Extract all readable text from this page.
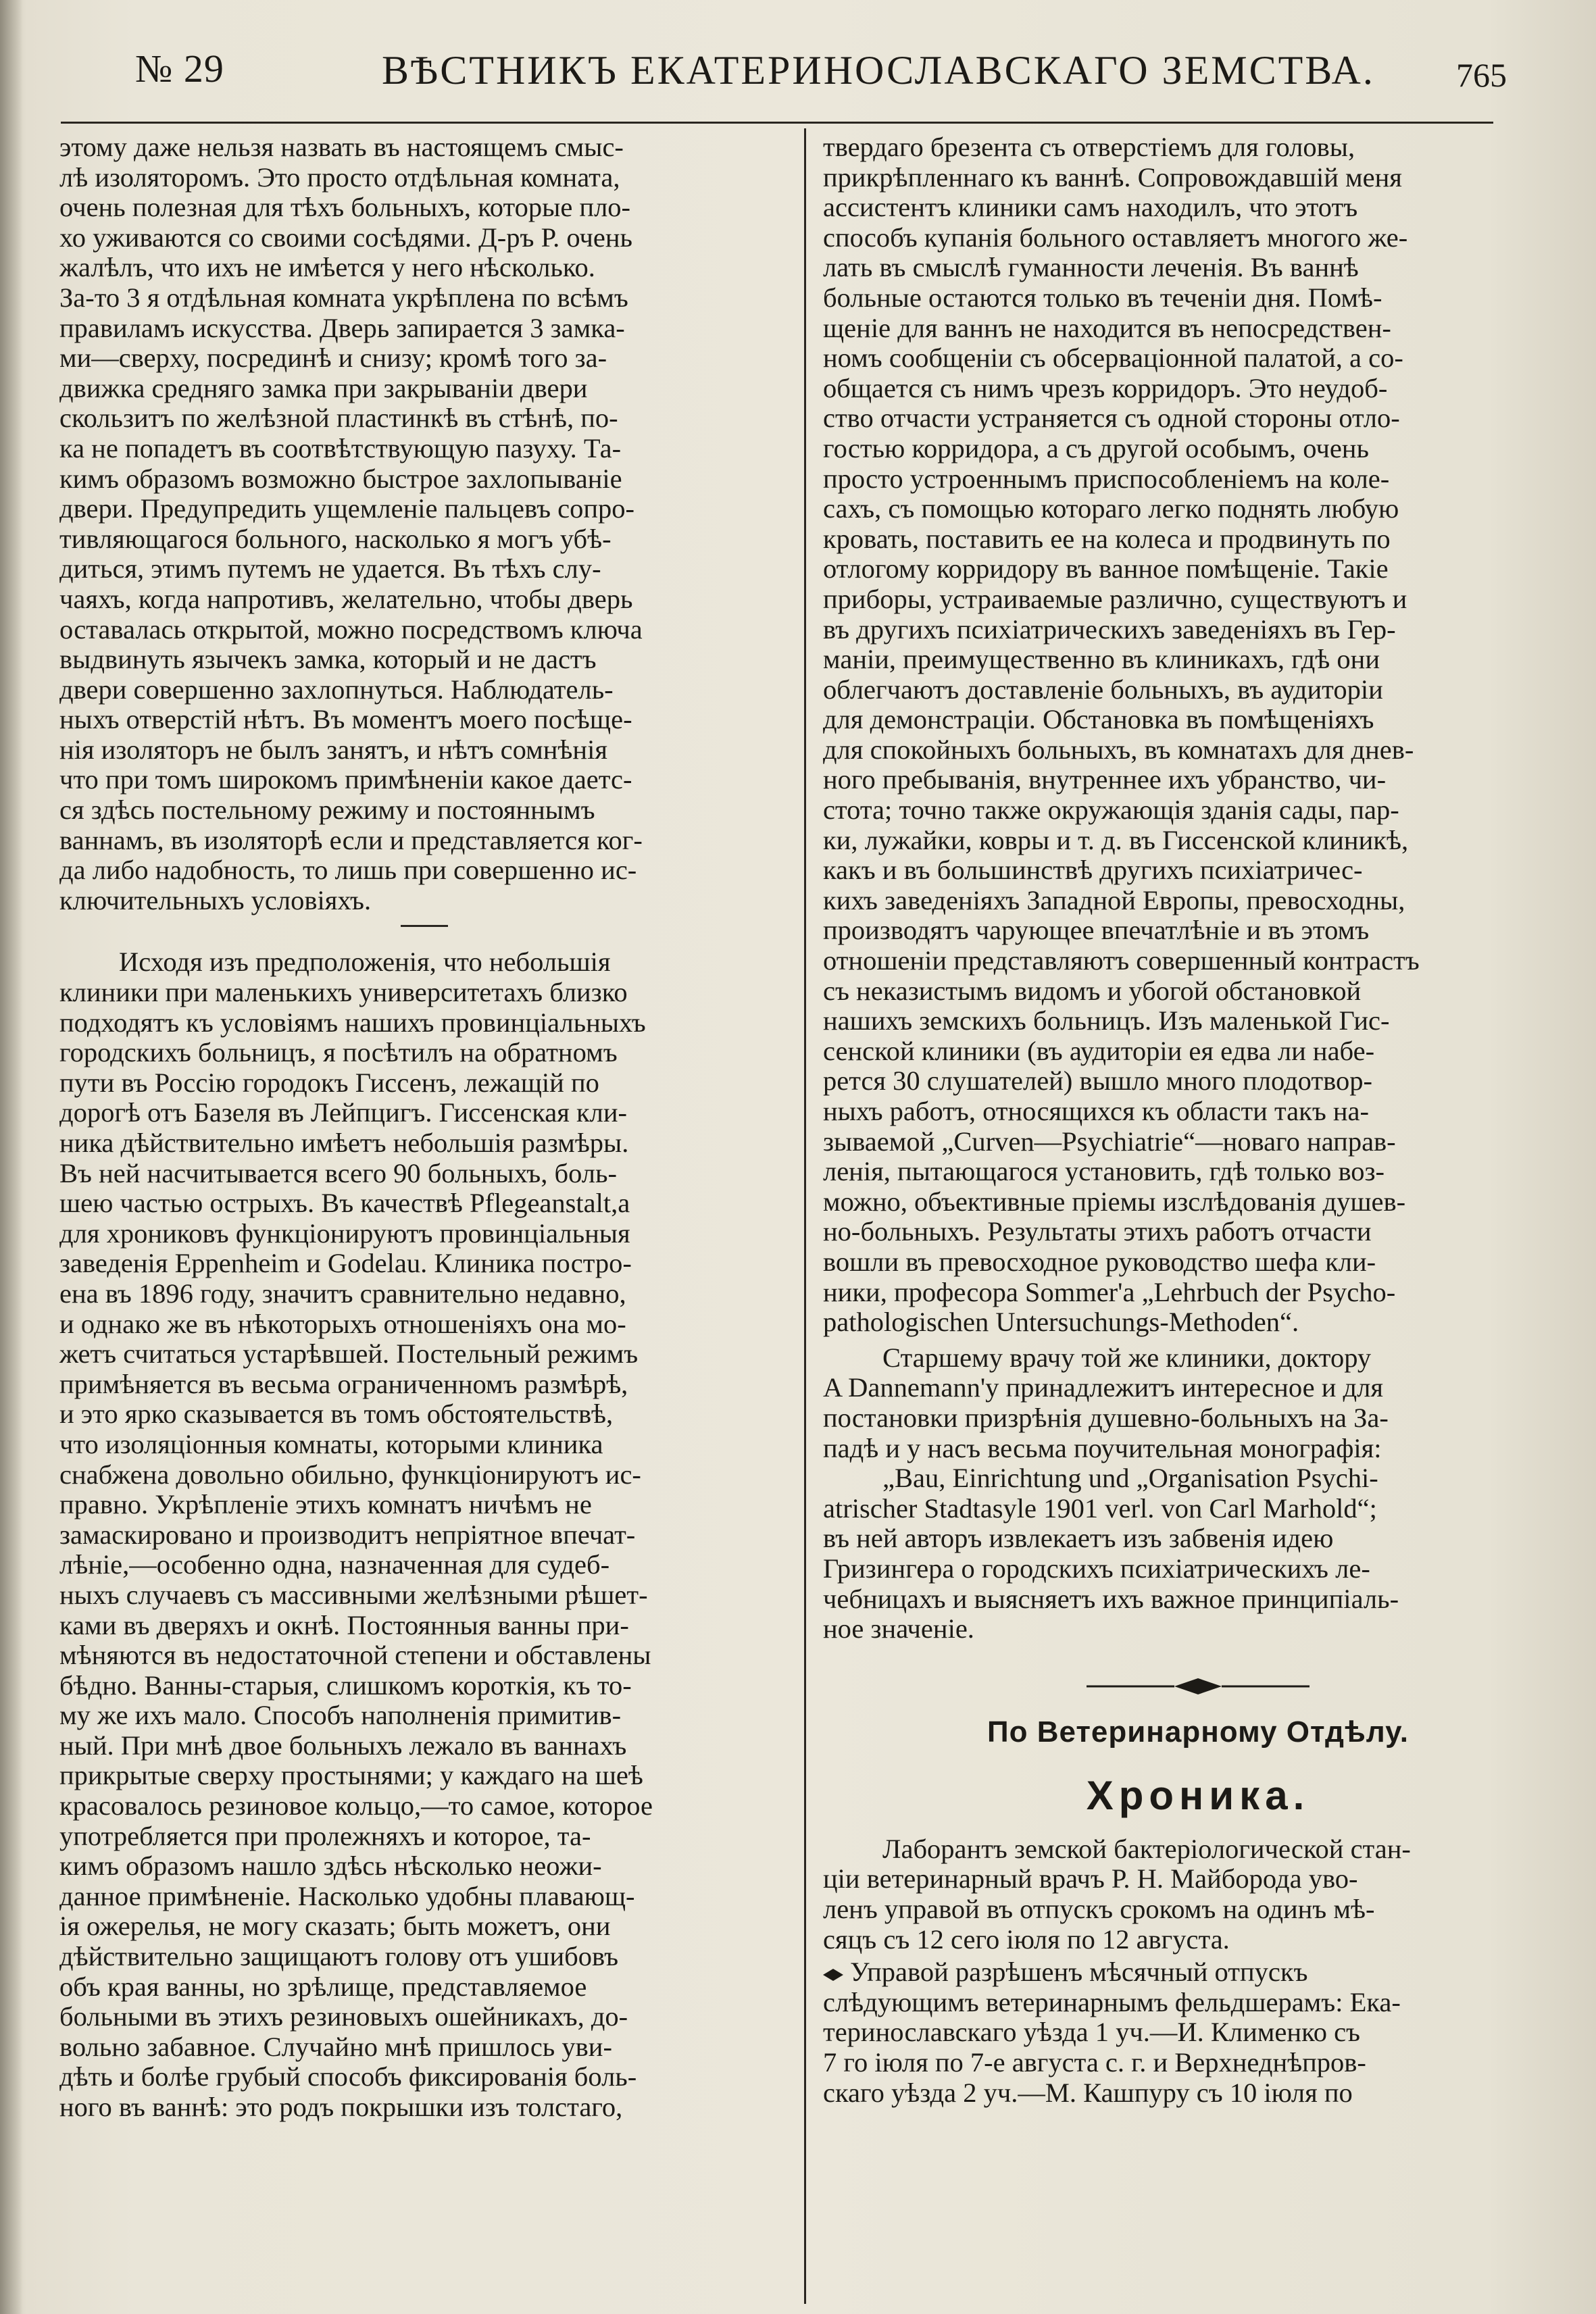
№ 29	ВѢСТНИКЪ ЕКАТЕРИНОСЛАВСКАГО ЗЕМСТВА. 765

этому даже нельзя назвать въ настоящемъ смыс-
лѣ изоляторомъ. Это просто отдѣльная комната,
очень полезная для тѣхъ больныхъ, которые пло-
хо уживаются со своими сосѣдями. Д-ръ Р. очень
жалѣлъ, что ихъ не имѣется у него нѣсколько.
За-то 3 я отдѣльная комната укрѣплена по всѣмъ
правиламъ искусства. Дверь запирается 3 замка-
ми—сверху, посрединѣ и снизу; кромѣ того за-
движка средняго замка при закрываніи двери
скользитъ по желѣзной пластинкѣ въ стѣнѣ, по-
ка не попадетъ въ соотвѣтствующую пазуху. Та-
кимъ образомъ возможно быстрое захлопываніе
двери. Предупредить ущемленіе пальцевъ сопро-
тивляющагося больного, насколько я могъ убѣ-
диться, этимъ путемъ не удается. Въ тѣхъ слу-
чаяхъ, когда напротивъ, желательно, чтобы дверь
оставалась открытой, можно посредствомъ ключа
выдвинуть язычекъ замка, который и не дастъ
двери совершенно захлопнуться. Наблюдатель-
ныхъ отверстій нѣтъ. Въ моментъ моего посѣще-
нія изоляторъ не былъ занятъ, и нѣтъ сомнѣнія
что при томъ широкомъ примѣненіи какое даетс-
ся здѣсь постельному режиму и постояннымъ
ваннамъ, въ изоляторѣ если и представляется ког-
да либо надобность, то лишь при совершенно ис-
ключительныхъ условіяхъ.

Исходя изъ предположенія, что небольшія
клиники при маленькихъ университетахъ близко
подходятъ къ условіямъ нашихъ провинціальныхъ
городскихъ больницъ, я посѣтилъ на обратномъ
пути въ Россію городокъ Гиссенъ, лежащій по
дорогѣ отъ Базеля въ Лейпцигъ. Гиссенская кли-
ника дѣйствительно имѣетъ небольшія размѣры.
Въ ней насчитывается всего 90 больныхъ, боль-
шею частью острыхъ. Въ качествѣ Pflegeanstalt,а
для хрониковъ функціонируютъ провинціальныя
заведенія Eppenheim и Godelau. Клиника постро-
ена въ 1896 году, значитъ сравнительно недавно,
и однако же въ нѣкоторыхъ отношеніяхъ она мо-
жетъ считаться устарѣвшей. Постельный режимъ
примѣняется въ весьма ограниченномъ размѣрѣ,
и это ярко сказывается въ томъ обстоятельствѣ,
что изоляціонныя комнаты, которыми клиника
снабжена довольно обильно, функціонируютъ ис-
правно. Укрѣпленіе этихъ комнатъ ничѣмъ не
замаскировано и производитъ непріятное впечат-
лѣніе,—особенно одна, назначенная для судеб-
ныхъ случаевъ съ массивными желѣзными рѣшет-
ками въ дверяхъ и окнѣ. Постоянныя ванны при-
мѣняются въ недостаточной степени и обставлены
бѣдно. Ванны-старыя, слишкомъ короткія, къ то-
му же ихъ мало. Способъ наполненія примитив-
ный. При мнѣ двое больныхъ лежало въ ваннахъ
прикрытые сверху простынями; у каждаго на шеѣ
красовалось резиновое кольцо,—то самое, которое
употребляется при пролежняхъ и которое, та-
кимъ образомъ нашло здѣсь нѣсколько неожи-
данное примѣненіе. Насколько удобны плавающ-
ія ожерелья, не могу сказать; быть можетъ, они
дѣйствительно защищаютъ голову отъ ушибовъ
объ края ванны, но зрѣлище, представляемое
больными въ этихъ резиновыхъ ошейникахъ, до-
вольно забавное. Случайно мнѣ пришлось уви-
дѣть и болѣе грубый способъ фиксированія боль-
ного въ ваннѣ: это родъ покрышки изъ толстаго,

твердаго брезента съ отверстіемъ для головы,
прикрѣпленнаго къ ваннѣ. Сопровождавшій меня
ассистентъ клиники самъ находилъ, что этотъ
способъ купанія больного оставляетъ многого же-
лать въ смыслѣ гуманности леченія. Въ ваннѣ
больные остаются только въ теченіи дня. Помѣ-
щеніе для ваннъ не находится въ непосредствен-
номъ сообщеніи съ обсерваціонной палатой, а со-
общается съ нимъ чрезъ корридоръ. Это неудоб-
ство отчасти устраняется съ одной стороны отло-
гостью корридора, а съ другой особымъ, очень
просто устроеннымъ приспособленіемъ на коле-
сахъ, съ помощью котораго легко поднять любую
кровать, поставить ее на колеса и продвинуть по
отлогому корридору въ ванное помѣщеніе. Такіе
приборы, устраиваемые различно, существуютъ и
въ другихъ психіатрическихъ заведеніяхъ въ Гер-
маніи, преимущественно въ клиникахъ, гдѣ они
облегчаютъ доставленіе больныхъ, въ аудиторіи
для демонстраціи. Обстановка въ помѣщеніяхъ
для спокойныхъ больныхъ, въ комнатахъ для днев-
ного пребыванія, внутреннее ихъ убранство, чи-
стота; точно также окружающія зданія сады, пар-
ки, лужайки, ковры и т. д. въ Гиссенской клиникѣ,
какъ и въ большинствѣ другихъ психіатричес-
кихъ заведеніяхъ Западной Европы, превосходны,
производятъ чарующее впечатлѣніе и въ этомъ
отношеніи представляютъ совершенный контрастъ
съ неказистымъ видомъ и убогой обстановкой
нашихъ земскихъ больницъ. Изъ маленькой Гис-
сенской клиники (въ аудиторіи ея едва ли набе-
рется 30 слушателей) вышло много плодотвор-
ныхъ работъ, относящихся къ области такъ на-
зываемой „Curven—Psychiatrie“—новаго направ-
ленія, пытающагося установить, гдѣ только воз-
можно, объективные пріемы изслѣдованія душев-
но-больныхъ. Результаты этихъ работъ отчасти
вошли въ превосходное руководство шефа кли-
ники, професора Sommer'а „Lehrbuch der Psycho-
pathologischen Untersuchungs-Methoden“.

Старшему врачу той же клиники, доктору
A Dannemann'у принадлежитъ интересное и для
постановки призрѣнія душевно-больныхъ на За-
падѣ и у насъ весьма поучительная монографія:

„Bau, Einrichtung und „Organisation Psychi-
atrischer Stadtasyle 1901 verl. von Carl Marhold“;

въ ней авторъ извлекаетъ изъ забвенія идею
Гризингера о городскихъ психіатрическихъ ле-
чебницахъ и выясняетъ ихъ важное принципіаль-
ное значеніе.

По Ветеринарному Отдѣлу.
Хроника.

Лаборантъ земской бактеріологической стан-
ціи ветеринарный врачъ Р. Н. Майборода уво-
ленъ управой въ отпускъ срокомъ на одинъ мѣ-
сяцъ съ 12 сего іюля по 12 августа.

Управой разрѣшенъ мѣсячный отпускъ
слѣдующимъ ветеринарнымъ фельдшерамъ: Ека-
теринославскаго уѣзда 1 уч.—И. Клименко съ
7 го іюля по 7-е августа с. г. и Верхнеднѣпров-
скаго уѣзда 2 уч.—М. Кашпуру съ 10 іюля по
